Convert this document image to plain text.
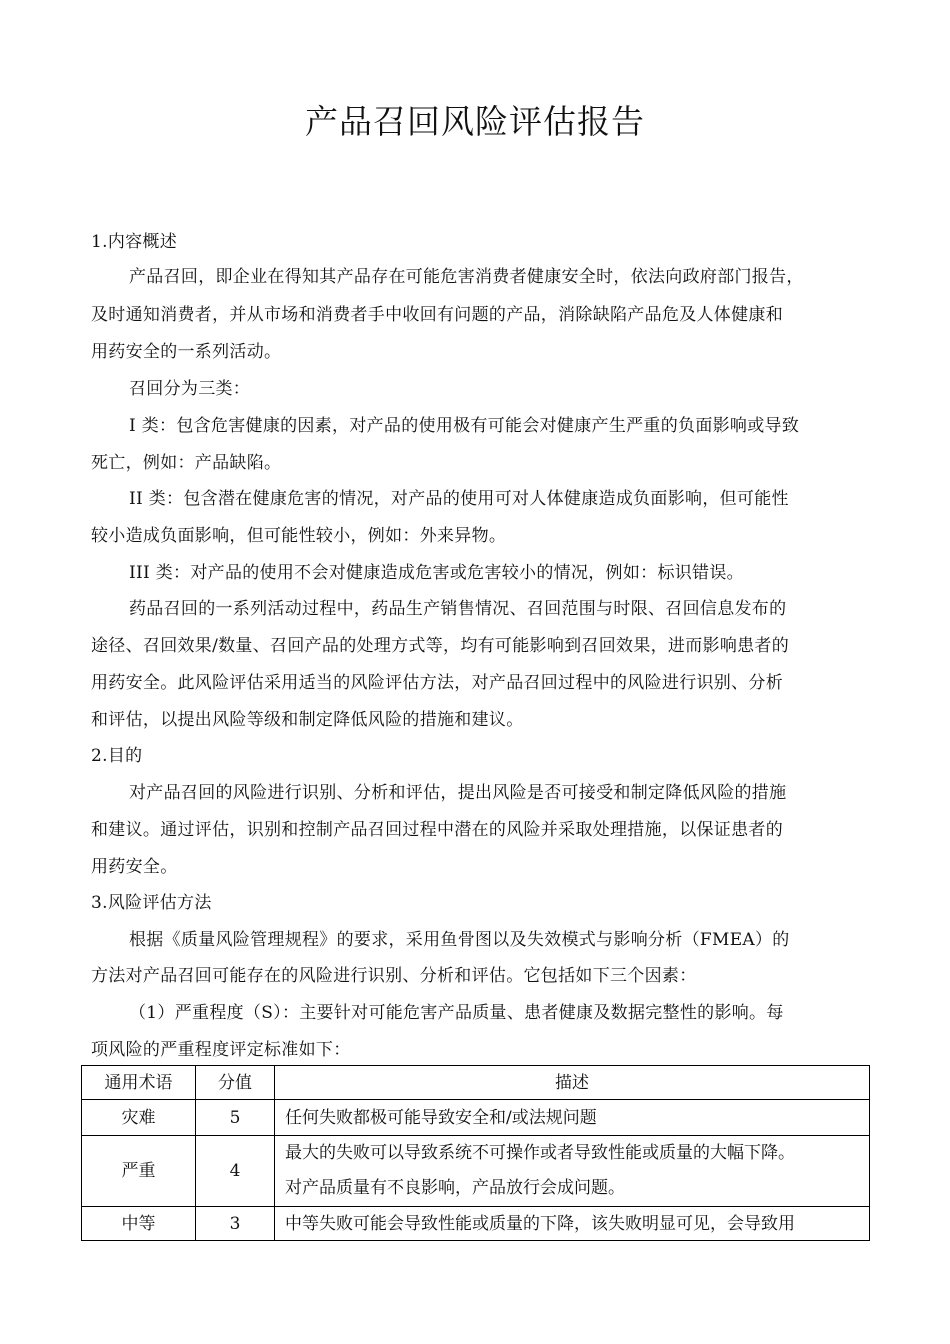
产品召回风险评估报告
1.内容概述
产品召回，即企业在得知其产品存在可能危害消费者健康安全时，依法向政府部门报告，
及时通知消费者，并从市场和消费者手中收回有问题的产品，消除缺陷产品危及人体健康和
用药安全的一系列活动。
召回分为三类：
I 类：包含危害健康的因素，对产品的使用极有可能会对健康产生严重的负面影响或导致
死亡，例如：产品缺陷。
II 类：包含潜在健康危害的情况，对产品的使用可对人体健康造成负面影响，但可能性
较小造成负面影响，但可能性较小，例如：外来异物。
III 类：对产品的使用不会对健康造成危害或危害较小的情况，例如：标识错误。
药品召回的一系列活动过程中，药品生产销售情况、召回范围与时限、召回信息发布的
途径、召回效果/数量、召回产品的处理方式等，均有可能影响到召回效果，进而影响患者的
用药安全。此风险评估采用适当的风险评估方法，对产品召回过程中的风险进行识别、分析
和评估，以提出风险等级和制定降低风险的措施和建议。
2.目的
对产品召回的风险进行识别、分析和评估，提出风险是否可接受和制定降低风险的措施
和建议。通过评估，识别和控制产品召回过程中潜在的风险并采取处理措施，以保证患者的
用药安全。
3.风险评估方法
根据《质量风险管理规程》的要求，采用鱼骨图以及失效模式与影响分析（FMEA）的
方法对产品召回可能存在的风险进行识别、分析和评估。它包括如下三个因素：
（1）严重程度（S）：主要针对可能危害产品质量、患者健康及数据完整性的影响。每
项风险的严重程度评定标准如下：
通用术语	分值	描述
灾难	5	任何失败都极可能导致安全和/或法规问题
严重	4	最大的失败可以导致系统不可操作或者导致性能或质量的大幅下降。
对产品质量有不良影响，产品放行会成问题。

中等	3	中等失败可能会导致性能或质量的下降，该失败明显可见，会导致用
